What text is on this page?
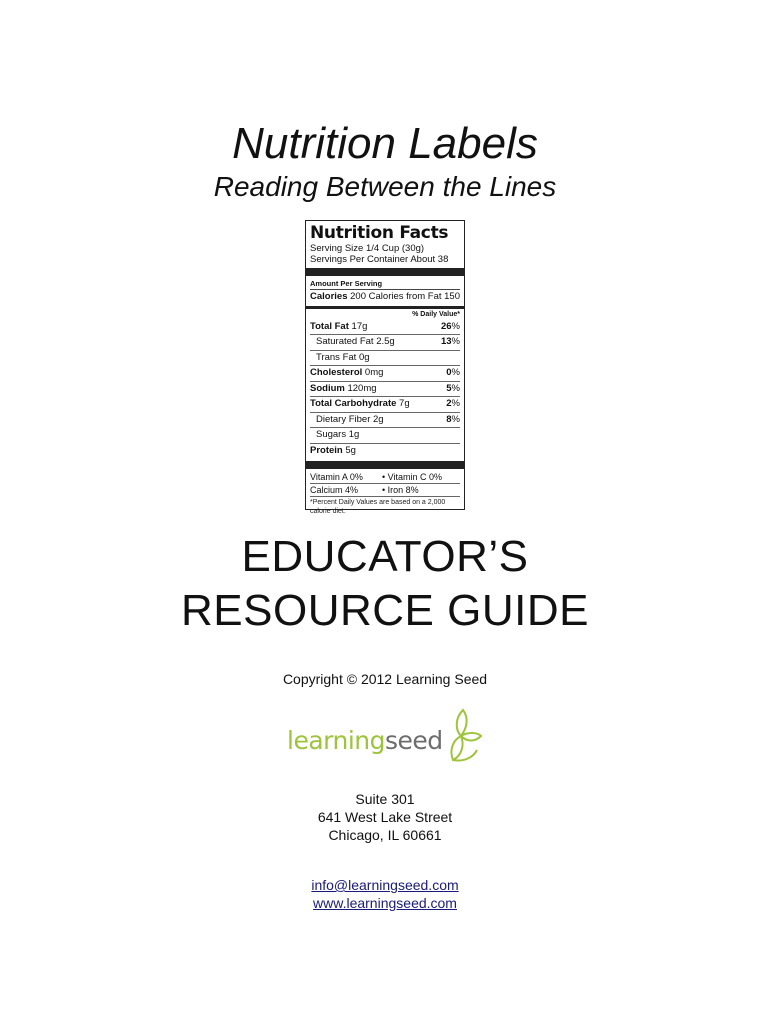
Nutrition Labels
Reading Between the Lines
Nutrition Facts
Serving Size 1/4 Cup (30g)
Servings Per Container About 38
Amount Per Serving
Calories 200 Calories from Fat 150
% Daily Value*
Total Fat 17g	26%
Saturated Fat 2.5g	13%
Trans Fat 0g
Cholesterol 0mg	0%
Sodium 120mg	5%
Total Carbohydrate 7g	2%
Dietary Fiber 2g	8%
Sugars 1g
Protein 5g
Vitamin A 0%	• Vitamin C 0%
Calcium 4%	• Iron 8%
*Percent Daily Values are based on a 2,000 calorie diet.
EDUCATOR’S
RESOURCE GUIDE
Copyright © 2012 Learning Seed
learningseed
Suite 301
641 West Lake Street
Chicago, IL 60661
info@learningseed.com
www.learningseed.com
